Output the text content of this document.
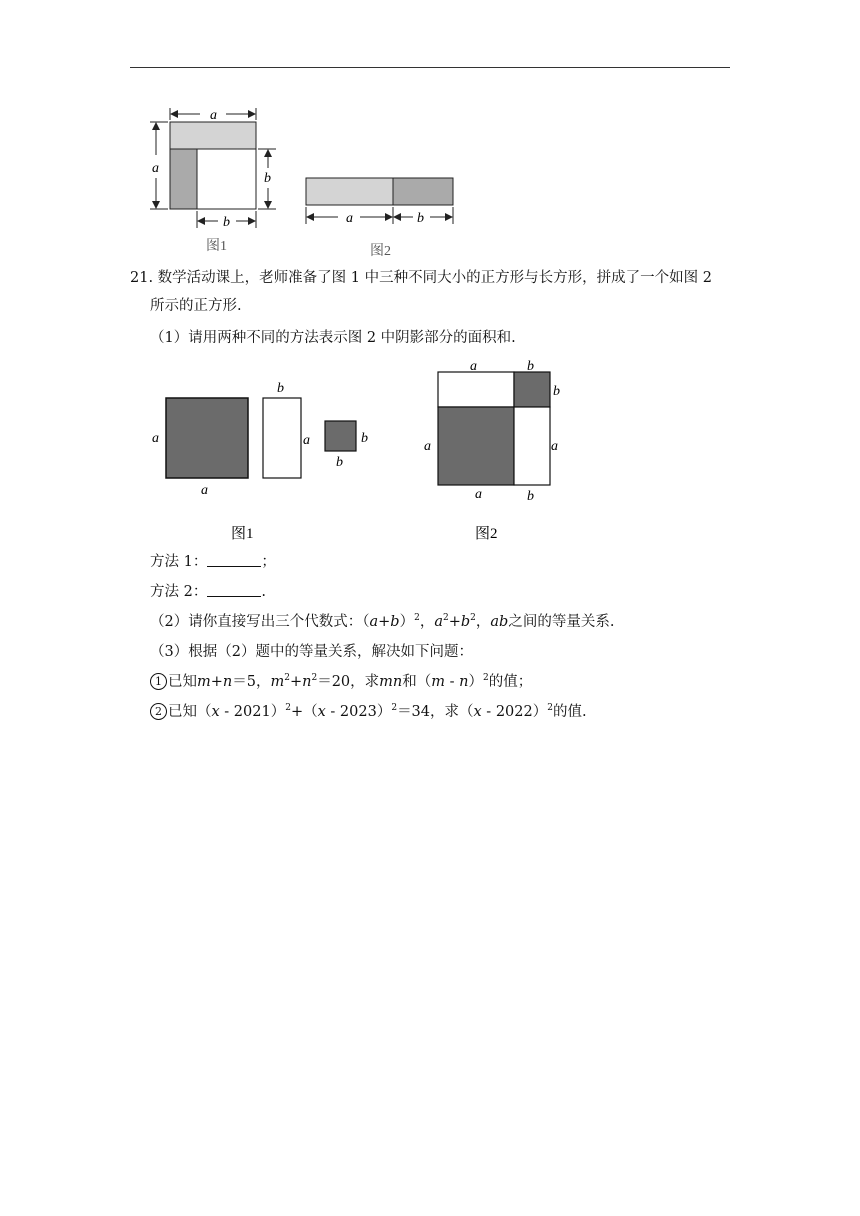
a
a
b
b
图1
a	b
图2
21. 数学活动课上，老师准备了图 1 中三种不同大小的正方形与长方形，拼成了一个如图 2
所示的正方形.
（1）请用两种不同的方法表示图 2 中阴影部分的面积和.
a
a
b
a	b
b
图1
a	b
b
a	a
a	b
图2
方法 1：	；
方法 2：	.
（2）请你直接写出三个代数式：$(a+b)^2$，$a^2+b^2$，ab之间的等量关系.
（3）根据（2）题中的等量关系，解决如下问题：
1 已知m+n＝5，$m^2+n^2=20$，求mn和（m - n）$^2$的值；
2 已知（x - 2021）$^2$+（x - 2023）$^2$＝34，求（x - 2022）$^2$的值.
